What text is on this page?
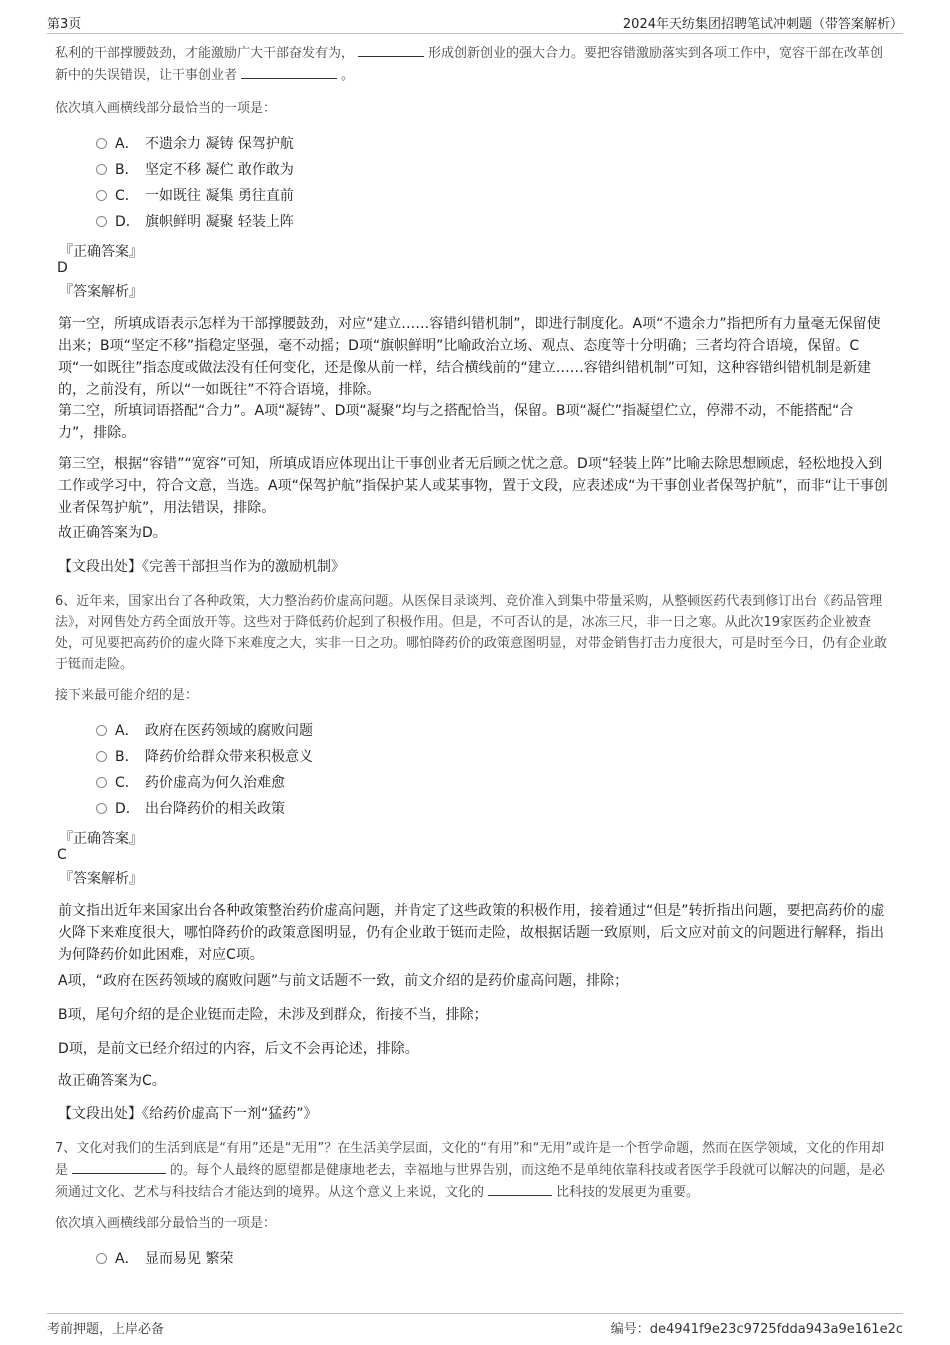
第3页	2024年天纺集团招聘笔试冲刺题（带答案解析）
私利的干部撑腰鼓劲，才能激励广大干部奋发有为，	形成创新创业的强大合力。要把容错激励落实到各项工作中，宽容干部在改革创新中的失误错误，让干事创业者	。
依次填入画横线部分最恰当的一项是：
A． 不遗余力 凝铸 保驾护航
B． 坚定不移 凝伫 敢作敢为
C． 一如既往 凝集 勇往直前
D． 旗帜鲜明 凝聚 轻装上阵
『正确答案』
D
『答案解析』
第一空，所填成语表示怎样为干部撑腰鼓劲，对应“建立……容错纠错机制”，即进行制度化。A项“不遗余力”指把所有力量毫无保留使出来；B项“坚定不移”指稳定坚强，毫不动摇；D项“旗帜鲜明”比喻政治立场、观点、态度等十分明确；三者均符合语境，保留。C项“一如既往”指态度或做法没有任何变化，还是像从前一样，结合横线前的“建立……容错纠错机制”可知，这种容错纠错机制是新建的，之前没有，所以“一如既往”不符合语境，排除。
第二空，所填词语搭配“合力”。A项“凝铸”、D项“凝聚”均与之搭配恰当，保留。B项“凝伫”指凝望伫立，停滞不动，不能搭配“合力”，排除。
第三空，根据“容错”“宽容”可知，所填成语应体现出让干事创业者无后顾之忧之意。D项“轻装上阵”比喻去除思想顾虑，轻松地投入到工作或学习中，符合文意，当选。A项“保驾护航”指保护某人或某事物，置于文段，应表述成“为干事创业者保驾护航”，而非“让干事创业者保驾护航”，用法错误，排除。
故正确答案为D。
【文段出处】《完善干部担当作为的激励机制》
6、近年来，国家出台了各种政策，大力整治药价虚高问题。从医保目录谈判、竞价准入到集中带量采购，从整顿医药代表到修订出台《药品管理法》，对网售处方药全面放开等。这些对于降低药价起到了积极作用。但是，不可否认的是，冰冻三尺，非一日之寒。从此次19家医药企业被查处，可见要把高药价的虚火降下来难度之大，实非一日之功。哪怕降药价的政策意图明显，对带金销售打击力度很大，可是时至今日，仍有企业敢于铤而走险。
接下来最可能介绍的是：
A． 政府在医药领域的腐败问题
B． 降药价给群众带来积极意义
C． 药价虚高为何久治难愈
D． 出台降药价的相关政策
『正确答案』
C
『答案解析』
前文指出近年来国家出台各种政策整治药价虚高问题，并肯定了这些政策的积极作用，接着通过“但是”转折指出问题，要把高药价的虚火降下来难度很大，哪怕降药价的政策意图明显，仍有企业敢于铤而走险，故根据话题一致原则，后文应对前文的问题进行解释，指出为何降药价如此困难，对应C项。
A项，“政府在医药领域的腐败问题”与前文话题不一致，前文介绍的是药价虚高问题，排除；
B项，尾句介绍的是企业铤而走险，未涉及到群众，衔接不当，排除；
D项，是前文已经介绍过的内容，后文不会再论述，排除。
故正确答案为C。
【文段出处】《给药价虚高下一剂“猛药”》
7、文化对我们的生活到底是“有用”还是“无用”？在生活美学层面，文化的“有用”和“无用”或许是一个哲学命题，然而在医学领域，文化的作用却是	的。每个人最终的愿望都是健康地老去，幸福地与世界告别，而这绝不是单纯依靠科技或者医学手段就可以解决的问题，是必须通过文化、艺术与科技结合才能达到的境界。从这个意义上来说，文化的	比科技的发展更为重要。
依次填入画横线部分最恰当的一项是：
A． 显而易见 繁荣
考前押题，上岸必备	编号：de4941f9e23c9725fdda943a9e161e2c
